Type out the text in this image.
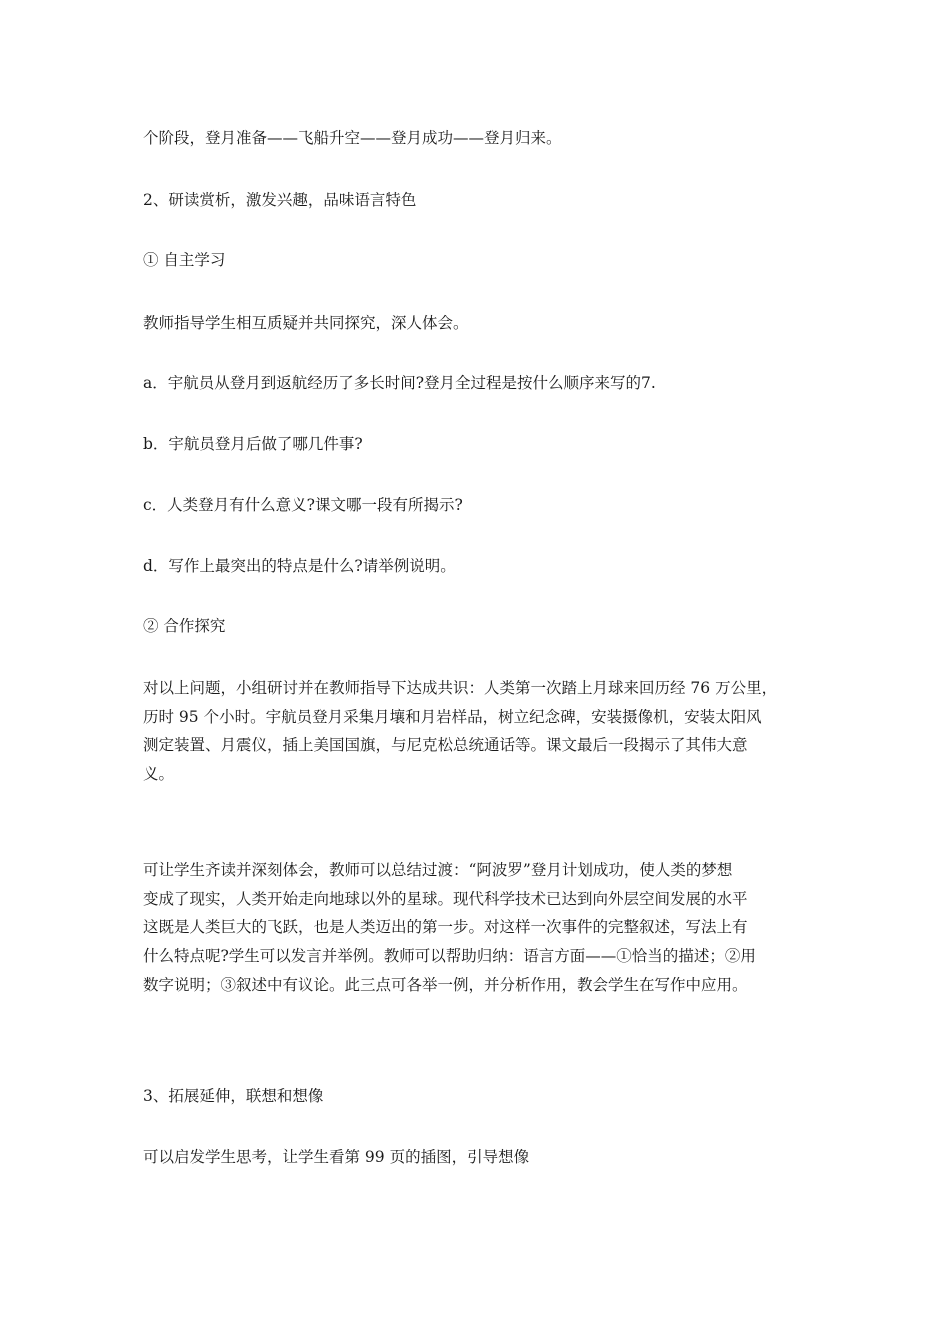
个阶段，登月准备——飞船升空——登月成功——登月归来。

2、研读赏析，激发兴趣，品味语言特色

① 自主学习

教师指导学生相互质疑并共同探究，深人体会。

a．宇航员从登月到返航经历了多长时间?登月全过程是按什么顺序来写的7.

b．宇航员登月后做了哪几件事?

c．人类登月有什么意义?课文哪一段有所揭示?

d．写作上最突出的特点是什么?请举例说明。

② 合作探究

对以上问题，小组研讨并在教师指导下达成共识：人类第一次踏上月球来回历经 76 万公里，
历时 95 个小时。宇航员登月采集月壤和月岩样品，树立纪念碑，安装摄像机，安装太阳风
测定装置、月震仪，插上美国国旗，与尼克松总统通话等。课文最后一段揭示了其伟大意
义。
可让学生齐读并深刻体会，教师可以总结过渡：“阿波罗”登月计划成功，使人类的梦想
变成了现实，人类开始走向地球以外的星球。现代科学技术已达到向外层空间发展的水平
这既是人类巨大的飞跃，也是人类迈出的第一步。对这样一次事件的完整叙述，写法上有
什么特点呢?学生可以发言并举例。教师可以帮助归纳：语言方面——①恰当的描述；②用
数字说明；③叙述中有议论。此三点可各举一例，并分析作用，教会学生在写作中应用。

3、拓展延伸，联想和想像

可以启发学生思考，让学生看第 99 页的插图，引导想像
